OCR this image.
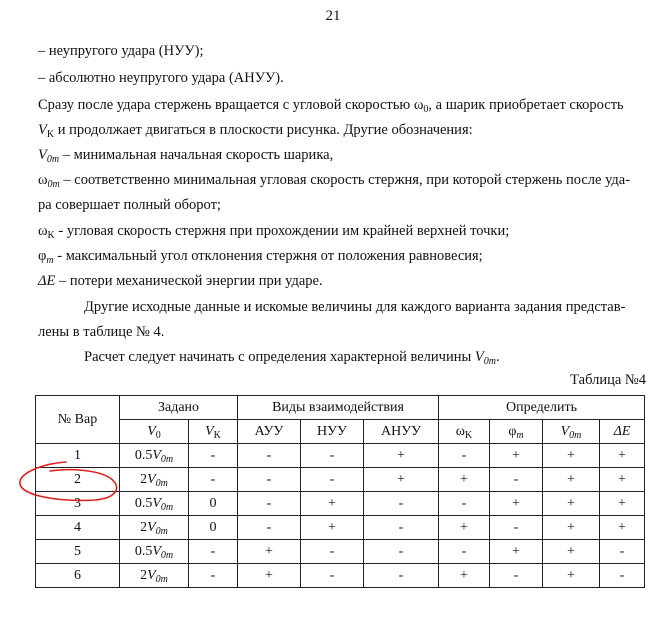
21
– неупругого удара (НУУ);
– абсолютно неупругого удара (АНУУ).
Сразу после удара стержень вращается с угловой скоростью $\omega_0$, а шарик приобретает скорость
$V_K$ и продолжает двигаться в плоскости рисунка. Другие обозначения:
$V_{0m}$ – минимальная начальная скорость шарика,
$\omega_{0m}$ – соответственно минимальная угловая скорость стержня, при которой стержень после уда-
ра совершает полный оборот;
$\omega_K$ - угловая скорость стержня при прохождении им крайней верхней точки;
$\varphi_m$ - максимальный угол отклонения стержня от положения равновесия;
ΔE – потери механической энергии при ударе.
Другие исходные данные и искомые величины для каждого варианта задания представ-
лены в таблице № 4.
Расчет следует начинать с определения характерной величины $V_{0m}$.
Таблица №4
№ Вар	Задано		Виды взаимодействия			Определить			
	$V_0$	$V_K$	АУУ	НУУ	АНУУ	$\omega_K$	$\varphi_m$	$V_{0m}$	ΔE
1	$0.5V_{0m}$	-	-	-	+	-	+	+	+
2	$2V_{0m}$	-	-	-	+	+	-	+	+
3	$0.5V_{0m}$	0	-	+	-	-	+	+	+
4	$2V_{0m}$	0	-	+	-	+	-	+	+
5	$0.5V_{0m}$	-	+	-	-	-	+	+	-
6	$2V_{0m}$	-	+	-	-	+	-	+	-
